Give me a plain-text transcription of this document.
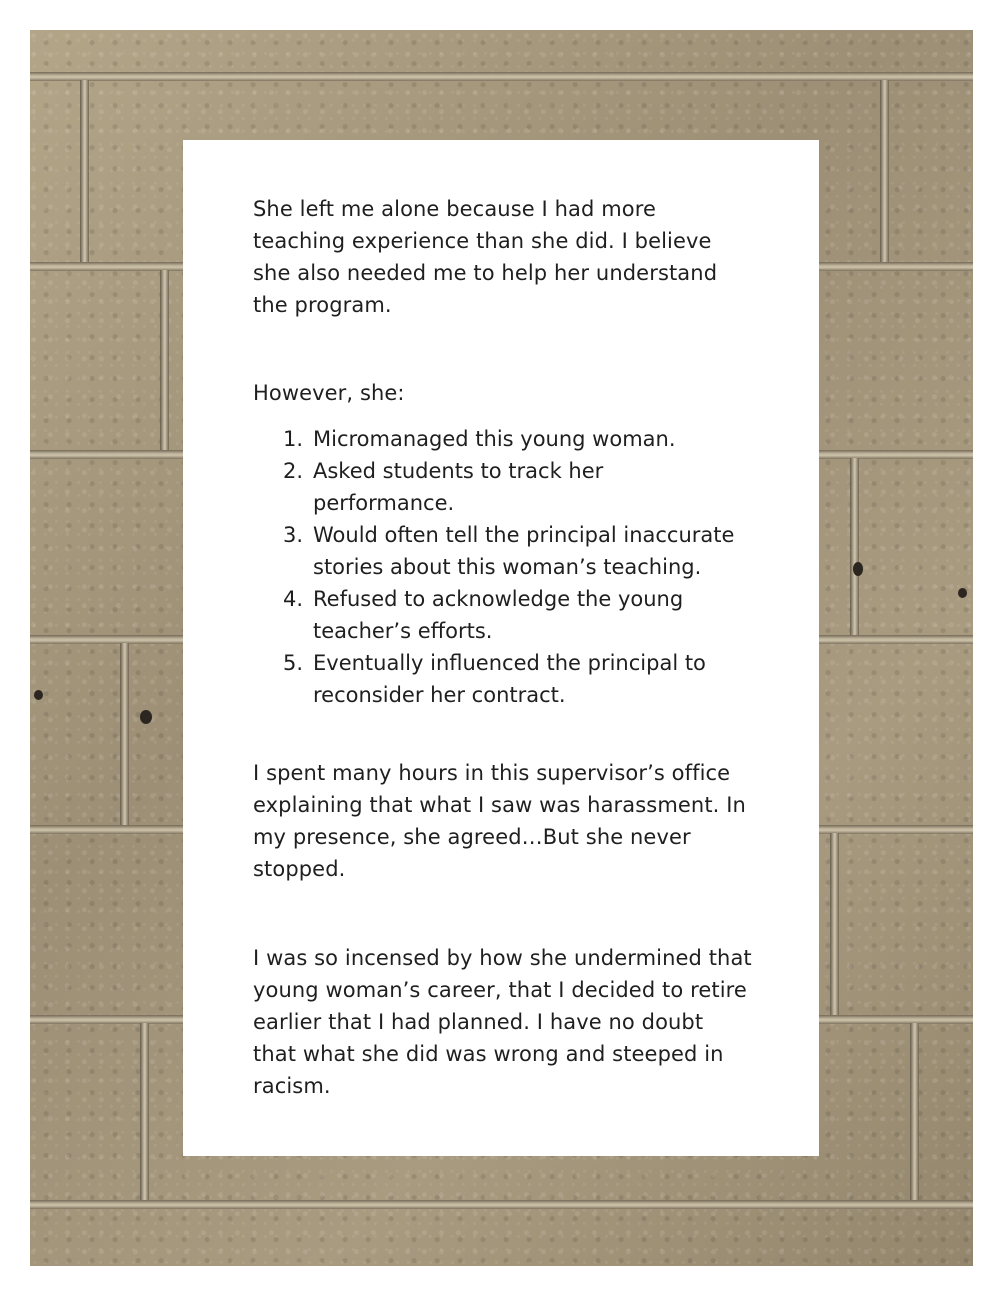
She left me alone because I had more teaching experience than she did. I believe she also needed me to help her understand the program.

However, she:

1. Micromanaged this young woman.
2. Asked students to track her performance.
3. Would often tell the principal inaccurate stories about this woman’s teaching.
4. Refused to acknowledge the young teacher’s efforts.
5. Eventually influenced the principal to reconsider her contract.

I spent many hours in this supervisor’s office explaining that what I saw was harassment. In my presence, she agreed…But she never stopped.

I was so incensed by how she undermined that young woman’s career, that I decided to retire earlier that I had planned. I have no doubt that what she did was wrong and steeped in racism.
